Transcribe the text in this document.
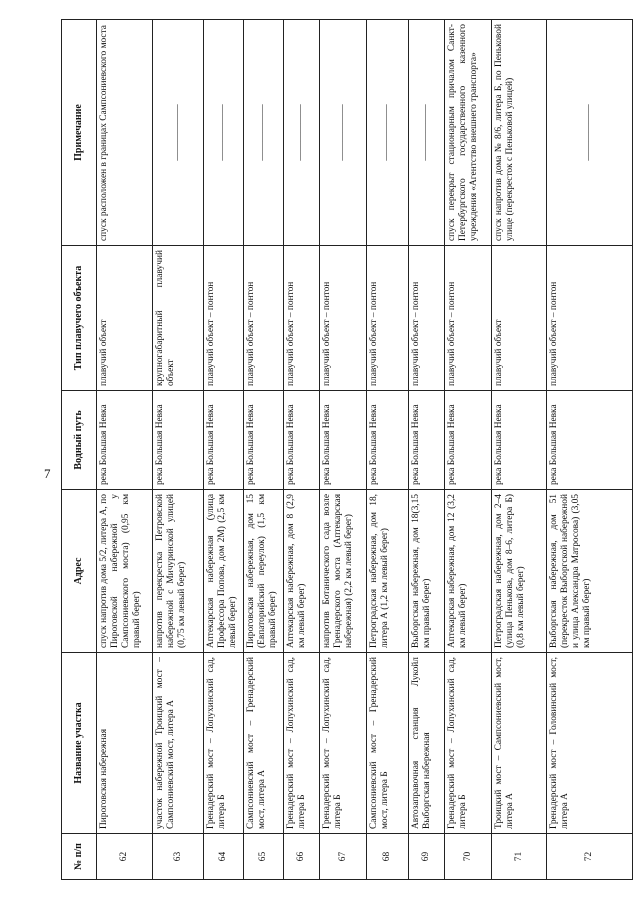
7
№ п/п	Название участка	Адрес	Водный путь	Тип плавучего объекта	Примечание
62	Пироговская набережная	спуск напротив дома 5/2, литера А, по Пироговской набережной у Сампсониевского моста) (0,95 км правый берег)	река Большая Невка	плавучий объект	спуск расположен в границах Сампсониевского моста
63	участок набережной Троицкий мост – Сампсониевский мост, литера А	напротив перекрестка Петровской набережной с Мичуринской улицей (0,75 км левый берег)	река Большая Невка	крупногабаритный плавучий объект	——————
64	Гренадерский мост – Лопухинский сад, литера Б	Аптекарская набережная (улица Профессора Попова, дом 2М) (2,5 км левый берег)	река Большая Невка	плавучий объект – понтон	——————
65	Сампсониевский мост – Гренадерский мост, литера А	Пироговская набережная, дом 15 (Евпаторийский переулок) (1,5 км правый берег)	река Большая Невка	плавучий объект – понтон	——————
66	Гренадерский мост – Лопухинский сад, литера Б	Аптекарская набережная, дом 8 (2,9 км левый берег)	река Большая Невка	плавучий объект – понтон	——————
67	Гренадерский мост – Лопухинский сад, литера Б	напротив Ботанического сада возле Гренадерского моста (Аптекарская набережная) (2,2 км левый берег)	река Большая Невка	плавучий объект – понтон	——————
68	Сампсониевский мост – Гренадерский мост, литера Б	Петроградская набережная, дом 18, литера А (1,2 км левый берег)	река Большая Невка	плавучий объект – понтон	——————
69	Автозаправочная станция Лукойл Выборгская набережная	Выборгская набережная, дом 18(3,15 км правый берег)	река Большая Невка	плавучий объект – понтон	——————
70	Гренадерский мост – Лопухинский сад, литера Б	Аптекарская набережная, дом 12 (3,2 км левый берег)	река Большая Невка	плавучий объект – понтон	спуск перекрыт стационарным причалом Санкт-Петербургского государственного казенного учреждения «Агентство внешнего транспорта»
71	Троицкий мост – Сампсониевский мост, литера А	Петроградская набережная, дом 2–4 (улица Пенькова, дом 8–6, литера Б) (0,8 км левый берег)	река Большая Невка	плавучий объект	спуск напротив дома № 8/6, литера Б, по Пеньковой улице (перекресток с Пеньковой улицей)
72	Гренадерский мост – Головинский мост, литера А	Выборгская набережная, дом 51 (перекресток Выборгской набережной и улица Александра Матросова) (3,05 км правый берег)	река Большая Невка	плавучий объект – понтон	——————
